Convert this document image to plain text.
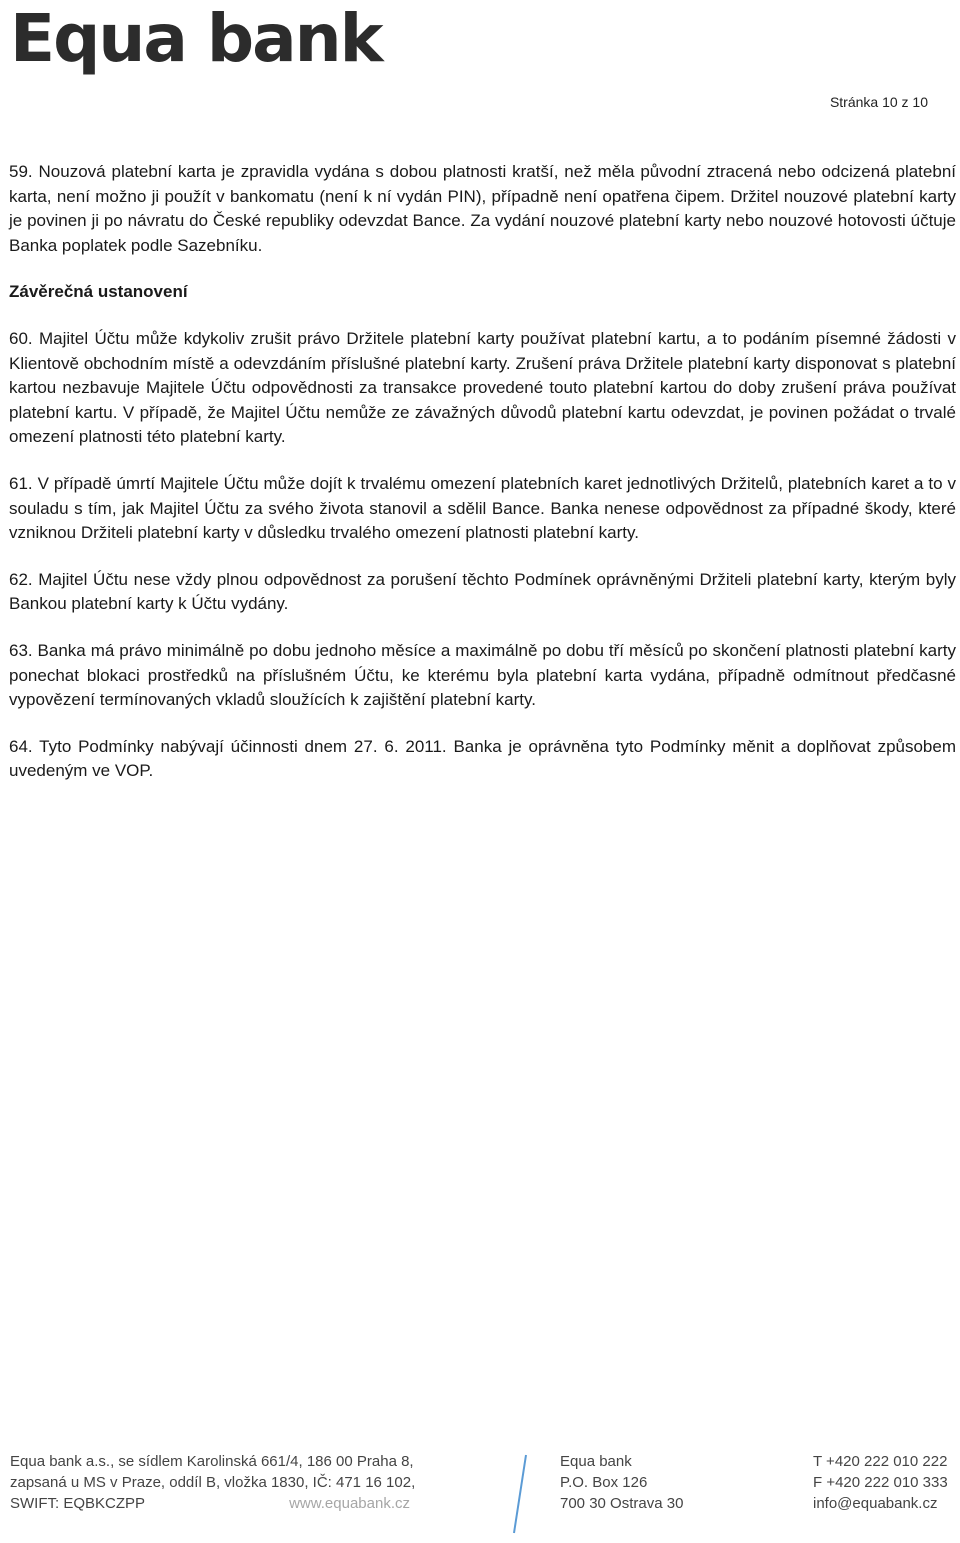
Equa bank
Stránka 10 z 10

59. Nouzová platební karta je zpravidla vydána s dobou platnosti kratší, než měla původní ztracená nebo odcizená platební karta, není možno ji použít v bankomatu (není k ní vydán PIN), případně není opatřena čipem. Držitel nouzové platební karty je povinen ji po návratu do České republiky odevzdat Bance. Za vydání nouzové platební karty nebo nouzové hotovosti účtuje Banka poplatek podle Sazebníku.

Závěrečná ustanovení

60. Majitel Účtu může kdykoliv zrušit právo Držitele platební karty používat platební kartu, a to podáním písemné žádosti v Klientově obchodním místě a odevzdáním příslušné platební karty. Zrušení práva Držitele platební karty disponovat s platební kartou nezbavuje Majitele Účtu odpovědnosti za transakce provedené touto platební kartou do doby zrušení práva používat platební kartu. V případě, že Majitel Účtu nemůže ze závažných důvodů platební kartu odevzdat, je povinen požádat o trvalé omezení platnosti této platební karty.

61. V případě úmrtí Majitele Účtu může dojít k trvalému omezení platebních karet jednotlivých Držitelů, platebních karet a to v souladu s tím, jak Majitel Účtu za svého života stanovil a sdělil Bance. Banka nenese odpovědnost za případné škody, které vzniknou Držiteli platební karty v důsledku trvalého omezení platnosti platební karty.

62. Majitel Účtu nese vždy plnou odpovědnost za porušení těchto Podmínek oprávněnými Držiteli platební karty, kterým byly Bankou platební karty k Účtu vydány.

63. Banka má právo minimálně po dobu jednoho měsíce a maximálně po dobu tří měsíců po skončení platnosti platební karty ponechat blokaci prostředků na příslušném Účtu, ke kterému byla platební karta vydána, případně odmítnout předčasné vypovězení termínovaných vkladů sloužících k zajištění platební karty.

64. Tyto Podmínky nabývají účinnosti dnem 27. 6. 2011. Banka je oprávněna tyto Podmínky měnit a doplňovat způsobem uvedeným ve VOP.

Equa bank a.s., se sídlem Karolinská 661/4, 186 00 Praha 8,
zapsaná u MS v Praze, oddíl B, vložka 1830, IČ: 471 16 102,
SWIFT: EQBKCZPP	www.equabank.cz
Equa bank
P.O. Box 126
700 30 Ostrava 30
T +420 222 010 222
F +420 222 010 333
info@equabank.cz
